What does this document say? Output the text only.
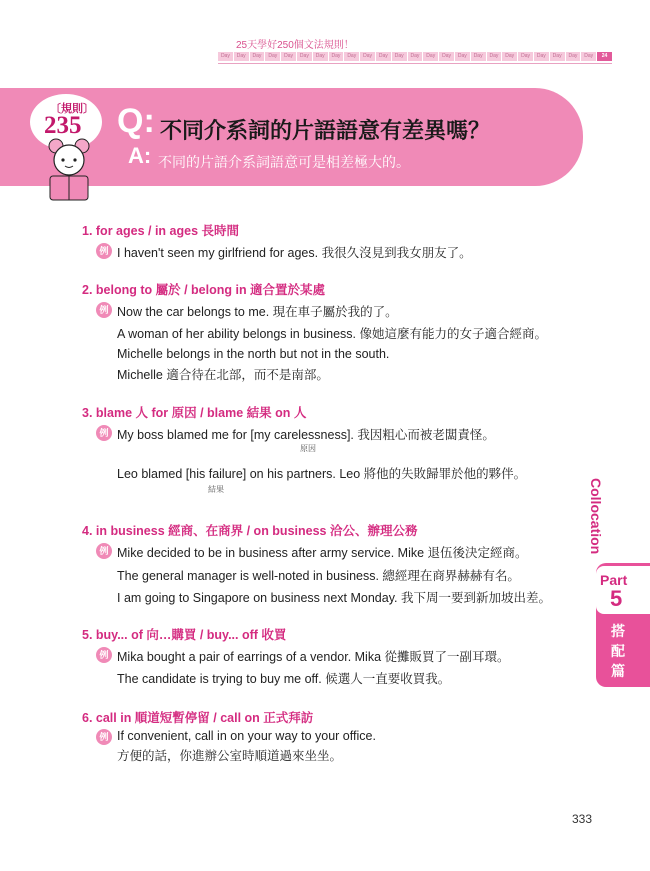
25天學好250個文法規則！
Day	Day	Day	Day	Day	Day	Day	Day	Day	Day	Day	Day	Day	Day	Day	Day	Day	Day	Day	Day	Day	Day	Day	Day	24
〔規則〕
235 Q: 不同介系詞的片語語意有差異嗎？
A: 不同的片語介系詞語意可是相差極大的。
1. for ages / in ages 長時間
例 I haven't seen my girlfriend for ages. 我很久沒見到我女朋友了。
2. belong to 屬於 / belong in 適合置於某處
例 Now the car belongs to me. 現在車子屬於我的了。
A woman of her ability belongs in business. 像她這麼有能力的女子適合經商。
Michelle belongs in the north but not in the south.
Michelle 適合待在北部，而不是南部。
3. blame 人 for 原因 / blame 結果 on 人
例 My boss blamed me for [my carelessness]. 我因粗心而被老闆責怪。
原因
Leo blamed [his failure] on his partners. Leo 將他的失敗歸罪於他的夥伴。
結果
4. in business 經商、在商界 / on business 洽公、辦理公務
例 Mike decided to be in business after army service. Mike 退伍後決定經商。
The general manager is well-noted in business. 總經理在商界赫赫有名。
I am going to Singapore on business next Monday. 我下周一要到新加坡出差。
5. buy... of 向…購買 / buy... off 收買
例 Mika bought a pair of earrings of a vendor. Mika 從攤販買了一副耳環。
The candidate is trying to buy me off. 候選人一直要收買我。
6. call in 順道短暫停留 / call on 正式拜訪
例 If convenient, call in on your way to your office.
方便的話，你進辦公室時順道過來坐坐。
Collocation
Part
5
搭配篇
333
